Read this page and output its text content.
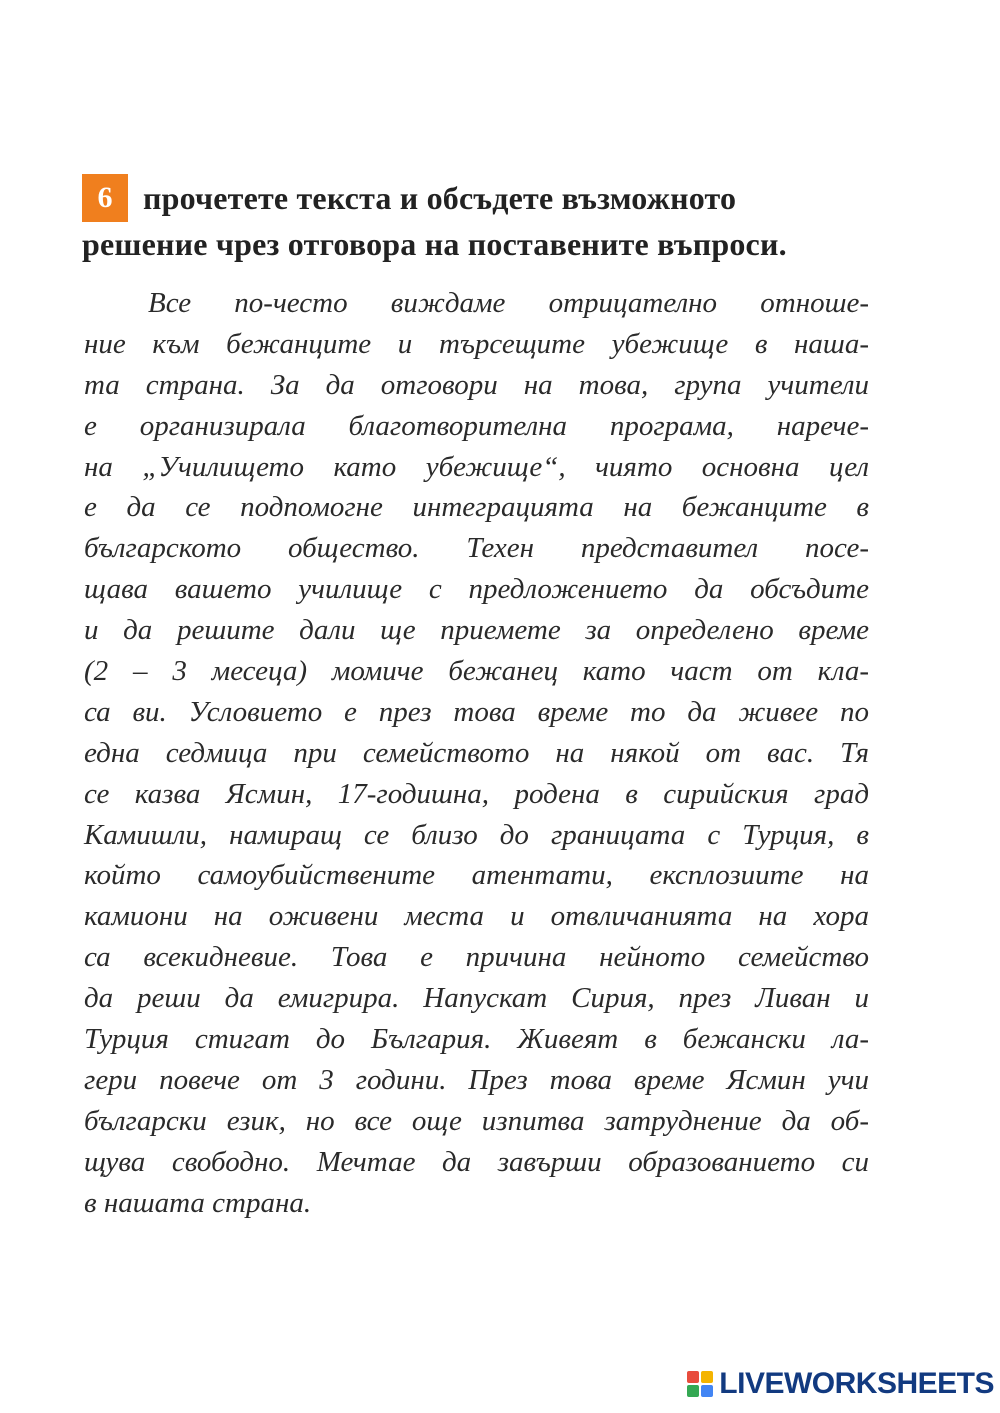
6 прочетете текста и обсъдете възможното
решение чрез отговора на поставените въпроси.
Все по-често виждаме отрицателно отноше-
ние към бежанците и търсещите убежище в наша-
та страна. За да отговори на това, група учители
е организирала благотворителна програма, нарече-
на „Училището като убежище“, чиято основна цел
е да се подпомогне интеграцията на бежанците в
българското общество. Техен представител посе-
щава вашето училище с предложението да обсъдите
и да решите дали ще приемете за определено време
(2 – 3 месеца) момиче бежанец като част от кла-
са ви. Условието е през това време то да живее по
една седмица при семейството на някой от вас. Тя
се казва Ясмин, 17-годишна, родена в сирийския град
Камишли, намиращ се близо до границата с Турция, в
който самоубийствените атентати, експлозиите на
камиони на оживени места и отвличанията на хора
са всекидневие. Това е причина нейното семейство
да реши да емигрира. Напускат Сирия, през Ливан и
Турция стигат до България. Живеят в бежански ла-
гери повече от 3 години. През това време Ясмин учи
български език, но все още изпитва затруднение да об-
щува свободно. Мечтае да завърши образованието си
в нашата страна.
LIVEWORKSHEETS
